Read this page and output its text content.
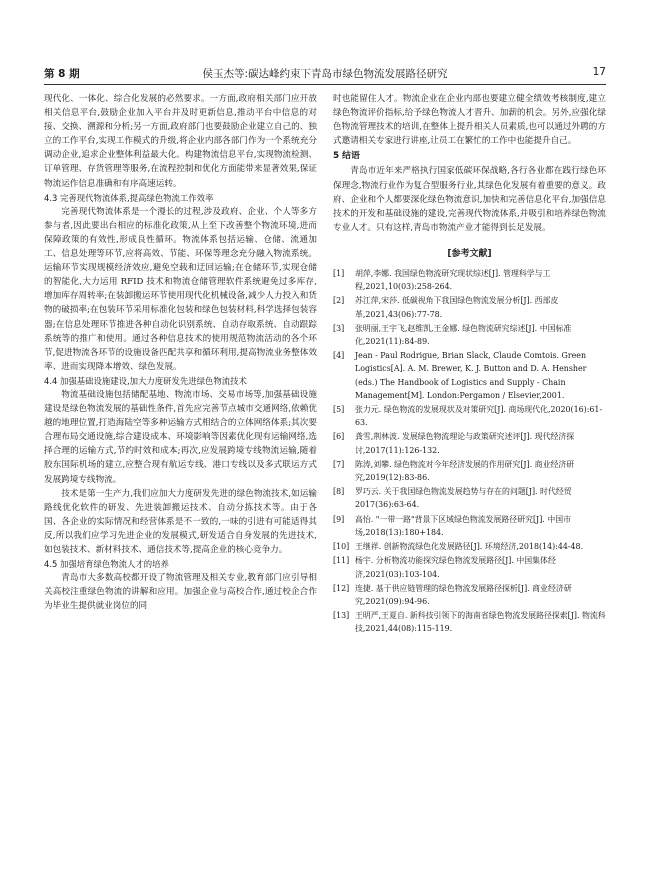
第 8 期	侯玉杰等:碳达峰约束下青岛市绿色物流发展路径研究	17

现代化、一体化、综合化发展的必然要求。一方面,政府相关部门应开放相关信息平台,鼓励企业加入平台并及时更新信息,推动平台中信息的对接、交换、溯源和分析;另一方面,政府部门也要鼓励企业建立自己的、独立的工作平台,实现工作模式的升级,将企业内部各部门作为一个系统充分调动企业,追求企业整体利益最大化。构建物流信息平台,实现物流检测、订单管理、存货管理等服务,在流程控制和优化方面能带来显著效果,保证物流运作信息准确和有序高速运转。

4.3 完善现代物流体系,提高绿色物流工作效率

完善现代物流体系是一个漫长的过程,涉及政府、企业、个人等多方参与者,因此要出台相应的标准化政策,从上至下改善整个物流环境,进而保障政策的有效性,形成良性循环。物流体系包括运输、仓储、流通加工、信息处理等环节,应将高效、节能、环保等理念充分融入物流系统。运输环节实现规模经济效应,避免空载和迂回运输;在仓储环节,实现仓储的智能化,大力运用 RFID 技术和物流仓储管理软件系统避免过多库存,增加库存周转率;在装卸搬运环节使用现代化机械设备,减少人力投入和货物的破损率;在包装环节采用标准化包装和绿色包装材料,科学选择包装容器;在信息处理环节推进各种自动化识别系统、自动存取系统、自动跟踪系统等的推广和使用。通过各种信息技术的使用规范物流活动的各个环节,促进物流各环节的设施设备匹配共享和循环利用,提高物流业务整体效率、进而实现降本增效、绿色发展。

4.4 加强基础设施建设,加大力度研发先进绿色物流技术

物流基础设施包括储配基地、物流市场、交易市场等,加强基础设施建设是绿色物流发展的基础性条件,首先应完善节点城市交通网络,依赖优越的地理位置,打造海陆空等多种运输方式相结合的立体网络体系;其次要合理布局交通设施,综合建设成本、环境影响等因素优化现有运输网络,选择合理的运输方式,节约时效和成本;再次,应发展跨境专线物流运输,随着胶东国际机场的建立,应整合现有航运专线、港口专线以及多式联运方式发展跨境专线物流。

技术是第一生产力,我们应加大力度研发先进的绿色物流技术,如运输路线优化软件的研发、先进装卸搬运技术、自动分拣技术等。由于各国、各企业的实际情况和经营体系是不一致的,一味的引进有可能适得其反,所以我们应学习先进企业的发展模式,研发适合自身发展的先进技术,如包装技术、新材料技术、通信技术等,提高企业的核心竞争力。

4.5 加强培育绿色物流人才的培养

青岛市大多数高校都开设了物流管理及相关专业,教育部门应引导相关高校注重绿色物流的讲解和应用。加强企业与高校合作,通过校企合作为毕业生提供就业岗位的同

时也能留住人才。物流企业在企业内部也要建立健全绩效考核制度,建立绿色物流评价指标,给予绿色物流人才晋升、加薪的机会。另外,应强化绿色物流管理技术的培训,在整体上提升相关人员素质,也可以通过外聘的方式邀请相关专家进行讲座,让员工在繁忙的工作中也能提升自己。

5 结语

青岛市近年来严格执行国家低碳环保战略,各行各业都在践行绿色环保理念,物流行业作为复合型服务行业,其绿色化发展有着重要的意义。政府、企业和个人都要深化绿色物流意识,加快和完善信息化平台,加强信息技术的开发和基础设施的建设,完善现代物流体系,并吸引和培养绿色物流专业人才。只有这样,青岛市物流产业才能得到长足发展。

[参考文献]
[1] 胡萍,李娜. 我国绿色物流研究现状综述[J]. 管理科学与工程,2021,10(03):258-264.
[2] 苏江萍,宋莎. 低碳视角下我国绿色物流发展分析[J]. 西部皮革,2021,43(06):77-78.
[3] 张明丽,王宇飞,赵维凯,王金娜. 绿色物流研究综述[J]. 中国标准化,2021(11):84-89.
[4] Jean - Paul Rodrigue, Brian Slack, Claude Comtois. Green Logistics[A]. A. M. Brewer, K. J. Button and D. A. Hensher (eds.) The Handbook of Logistics and Supply - Chain Management[M]. London:Pergamon / Elsevier,2001.
[5] 张力元. 绿色物流的发展现状及对策研究[J]. 商场现代化,2020(16):61-63.
[6] 龚雪,荆林波. 发展绿色物流理论与政策研究述评[J]. 现代经济探讨,2017(11):126-132.
[7] 陈涛,刘攀. 绿色物流对今年经济发展的作用研究[J]. 商业经济研究,2019(12):83-86.
[8] 罗巧云. 关于我国绿色物流发展趋势与存在的问题[J]. 时代经贸 2017(36):63-64.
[9] 高怡. "一带一路"背景下区域绿色物流发展路径研究[J]. 中国市场,2018(13):180+184.
[10] 王继祥. 创新物流绿色化发展路径[J]. 环境经济,2018(14):44-48.
[11] 杨宇. 分析物流功能探究绿色物流发展路径[J]. 中国集体经济,2021(03):103-104.
[12] 连捷. 基于供应链管理的绿色物流发展路径探析[J]. 商业经济研究,2021(09):94-96.
[13] 王明严,王夏自. 新科技引领下的海南省绿色物流发展路径探索[J]. 物流科技,2021,44(08):115-119.
